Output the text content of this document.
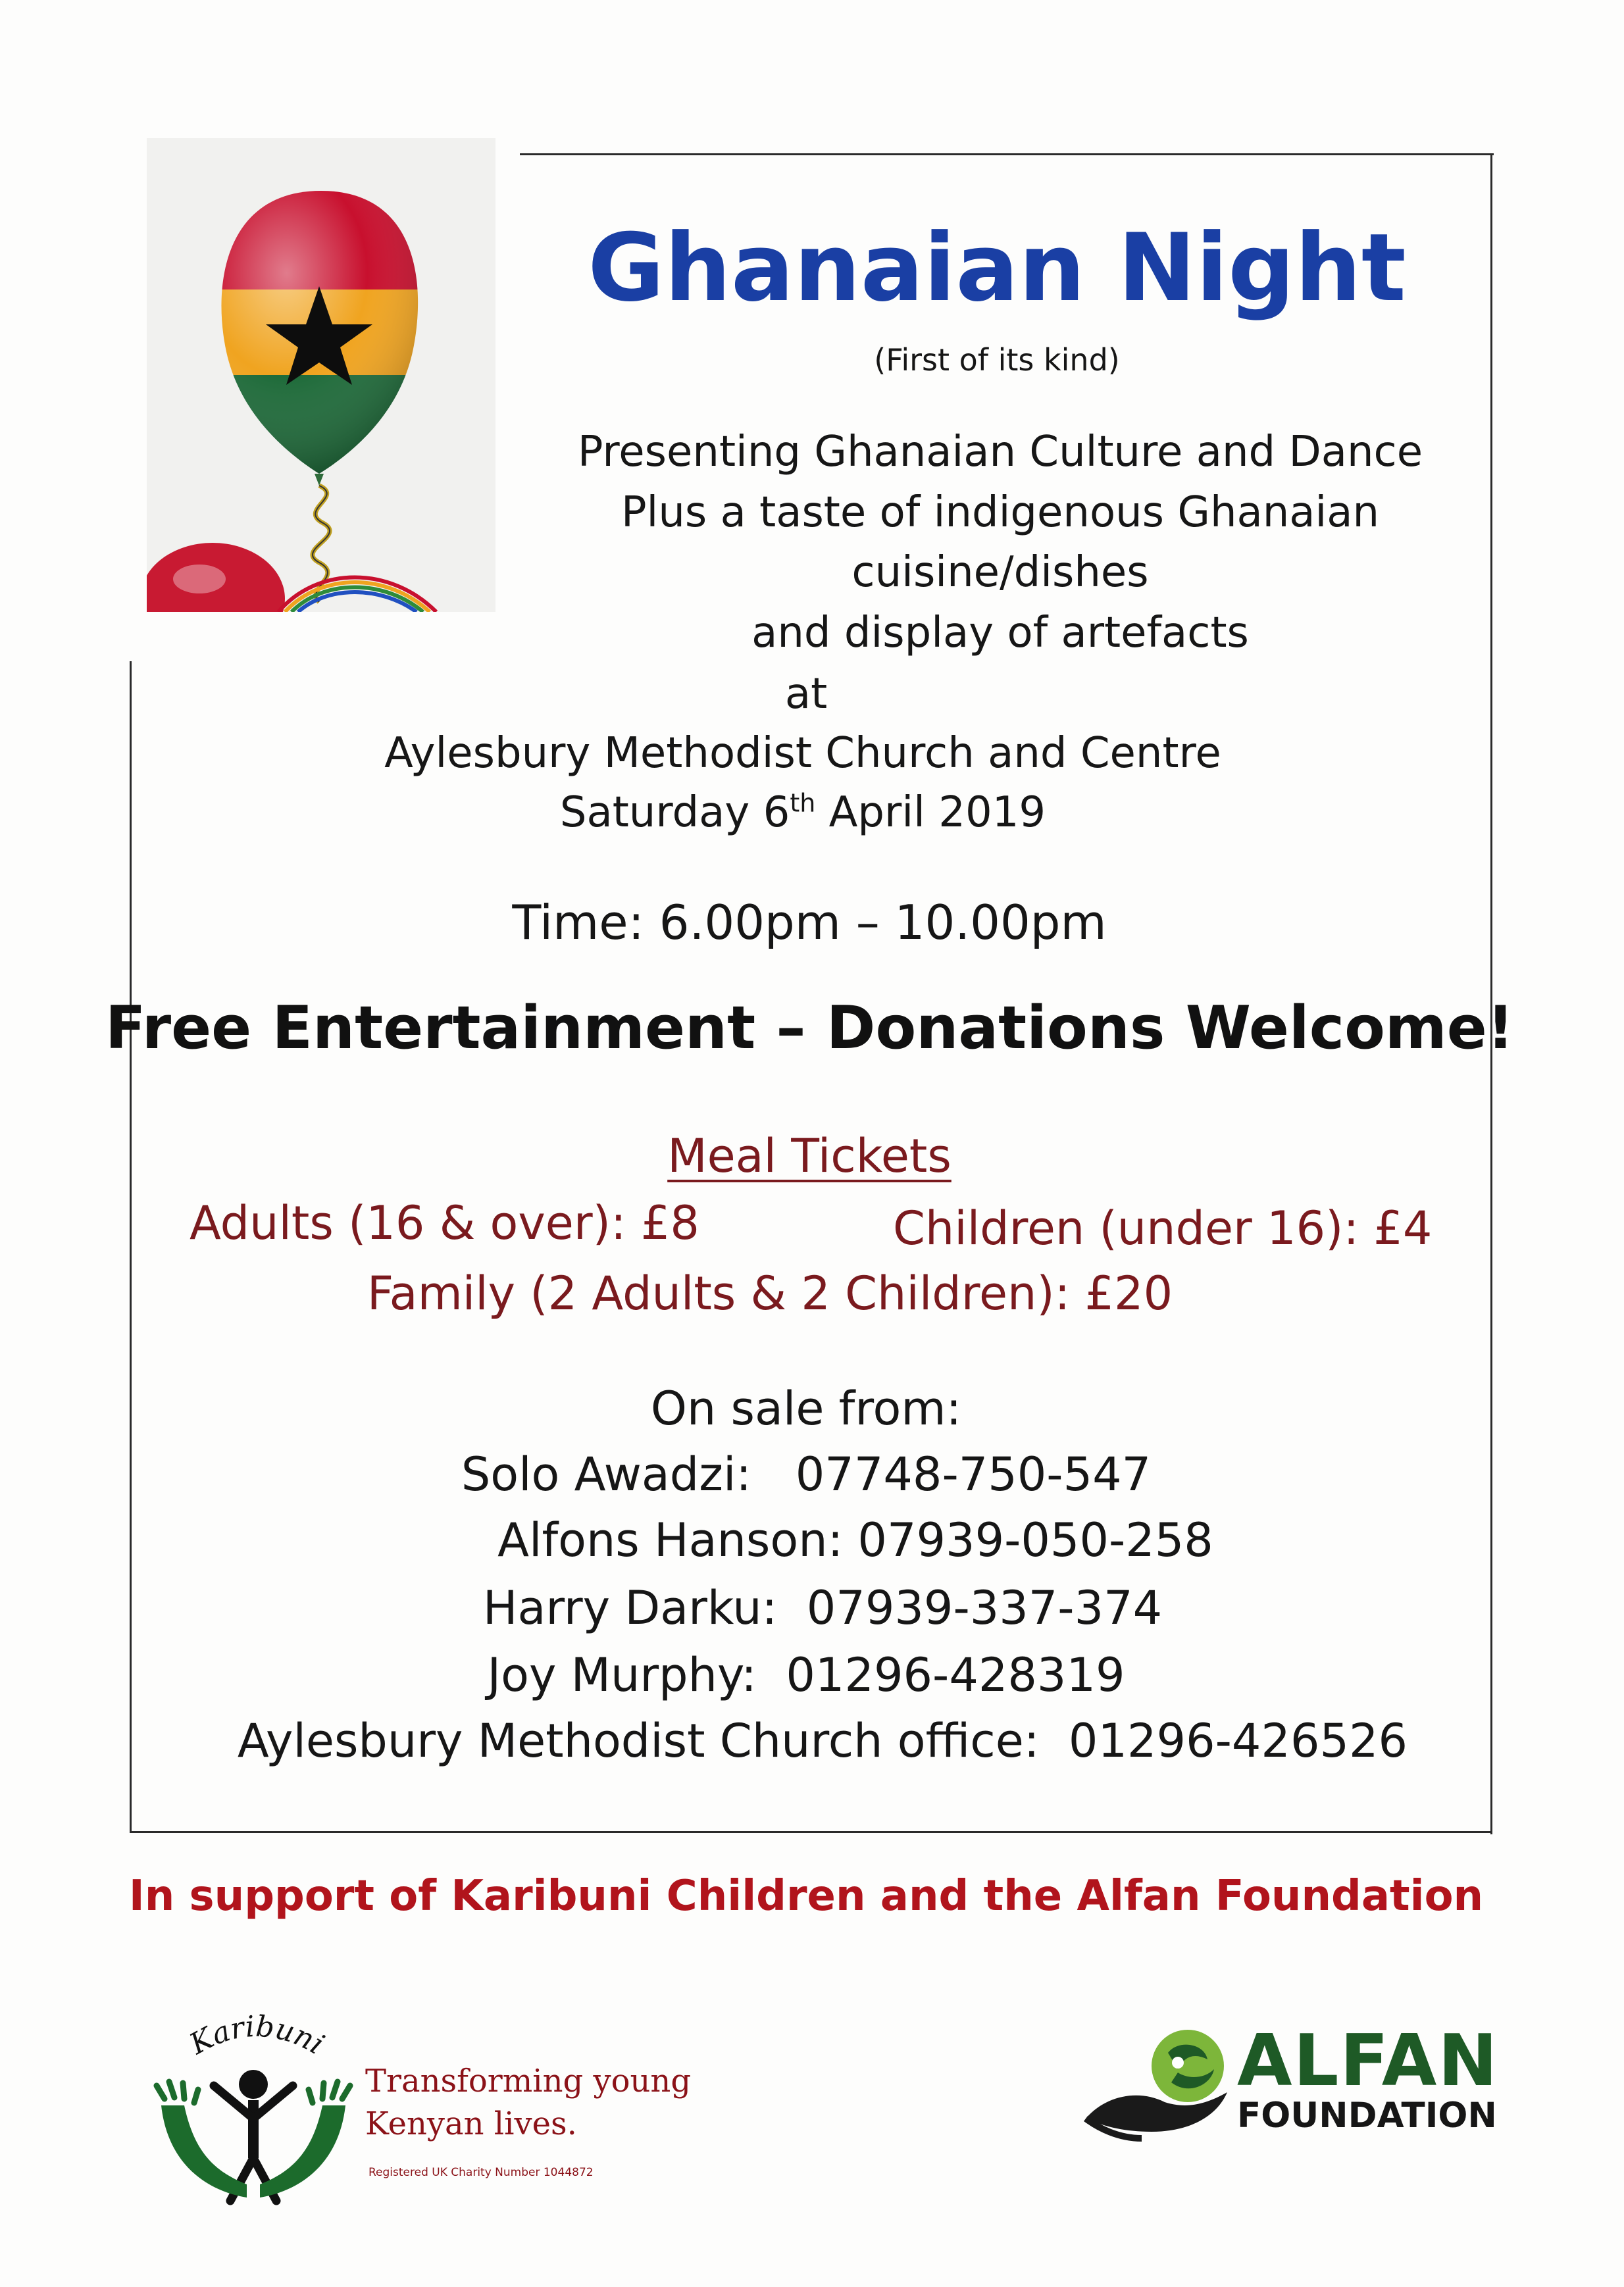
Ghanaian Night
(First of its kind)
Presenting Ghanaian Culture and Dance
Plus a taste of indigenous Ghanaian
cuisine/dishes
and display of artefacts
at
Aylesbury Methodist Church and Centre
Saturday 6th April 2019
Time: 6.00pm – 10.00pm
Free Entertainment – Donations Welcome!
Meal Tickets
Adults (16 & over): £8	Children (under 16): £4
Family (2 Adults & 2 Children): £20
On sale from:
Solo Awadzi:   07748-750-547
Alfons Hanson: 07939-050-258
Harry Darku:  07939-337-374
Joy Murphy:  01296-428319
Aylesbury Methodist Church office:  01296-426526
In support of Karibuni Children and the Alfan Foundation
Karibuni
Transforming young
Kenyan lives.
Registered UK Charity Number 1044872
ALFAN
FOUNDATION
